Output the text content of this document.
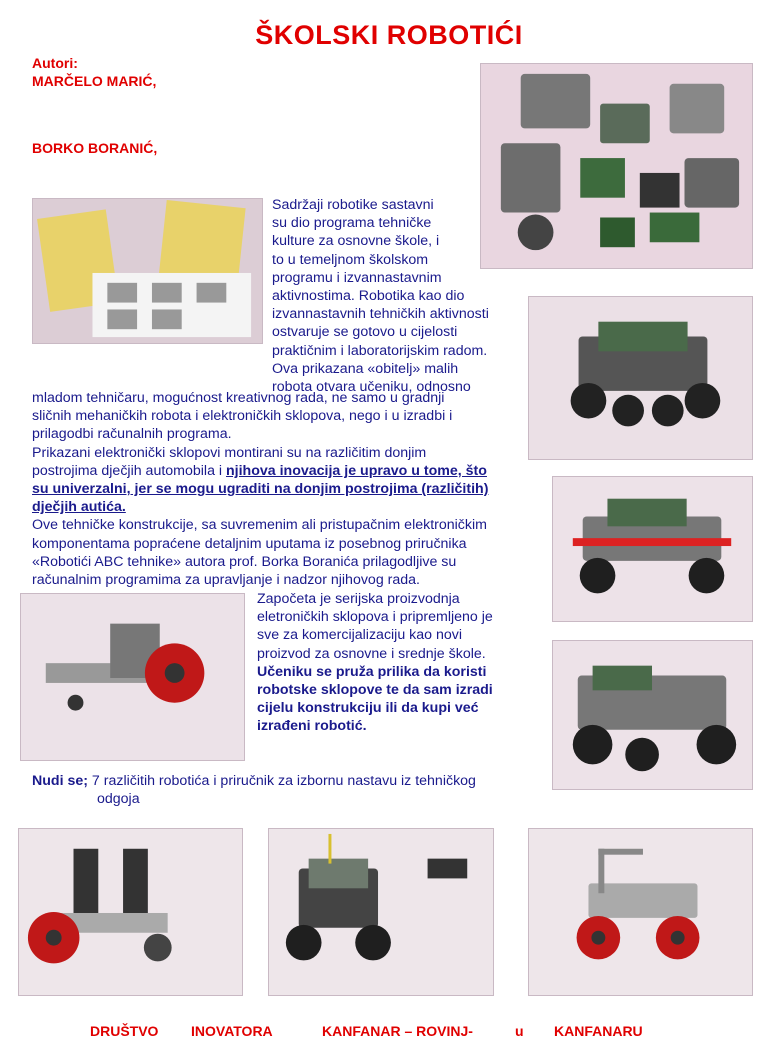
ŠKOLSKI ROBOTIĆI
Autori:
MARČELO MARIĆ,
BORKO BORANIĆ,
Sadržaji robotike sastavni
su dio programa tehničke
kulture za osnovne škole, i
to u temeljnom školskom
programu i izvannastavnim
aktivnostima. Robotika kao dio
izvannastavnih tehničkih aktivnosti
ostvaruje se gotovo u cijelosti
praktičnim i laboratorijskim radom.
Ova prikazana «obitelj» malih
robota otvara učeniku, odnosno
mladom tehničaru, mogućnost kreativnog rada, ne samo u gradnji
sličnih mehaničkih robota i elektroničkih sklopova, nego i u izradbi i
prilagodbi računalnih programa.
Prikazani elektronički sklopovi montirani su na različitim donjim
postrojima dječjih automobila i njihova inovacija je upravo u tome, što
su univerzalni, jer se mogu ugraditi na donjim postrojima (različitih)
dječjih autića.
Ove tehničke konstrukcije, sa suvremenim ali pristupačnim elektroničkim
komponentama popraćene detaljnim uputama iz posebnog priručnika
«Robotići ABC tehnike» autora prof. Borka Boranića prilagodljive su
računalnim programima za upravljanje i nadzor njihovog rada.
Započeta je serijska proizvodnja
eletroničkih sklopova i pripremljeno je
sve za komercijalizaciju kao novi
proizvod za osnovne i srednje škole.
Učeniku se pruža prilika da koristi
robotske sklopove te da sam izradi
cijelu konstrukciju ili da kupi već
izrađeni robotić.
Nudi se; 7 različitih robotića i priručnik za izbornu nastavu iz tehničkog
odgoja
DRUŠTVO INOVATORA	KANFANAR – ROVINJ-	u KANFANARU
